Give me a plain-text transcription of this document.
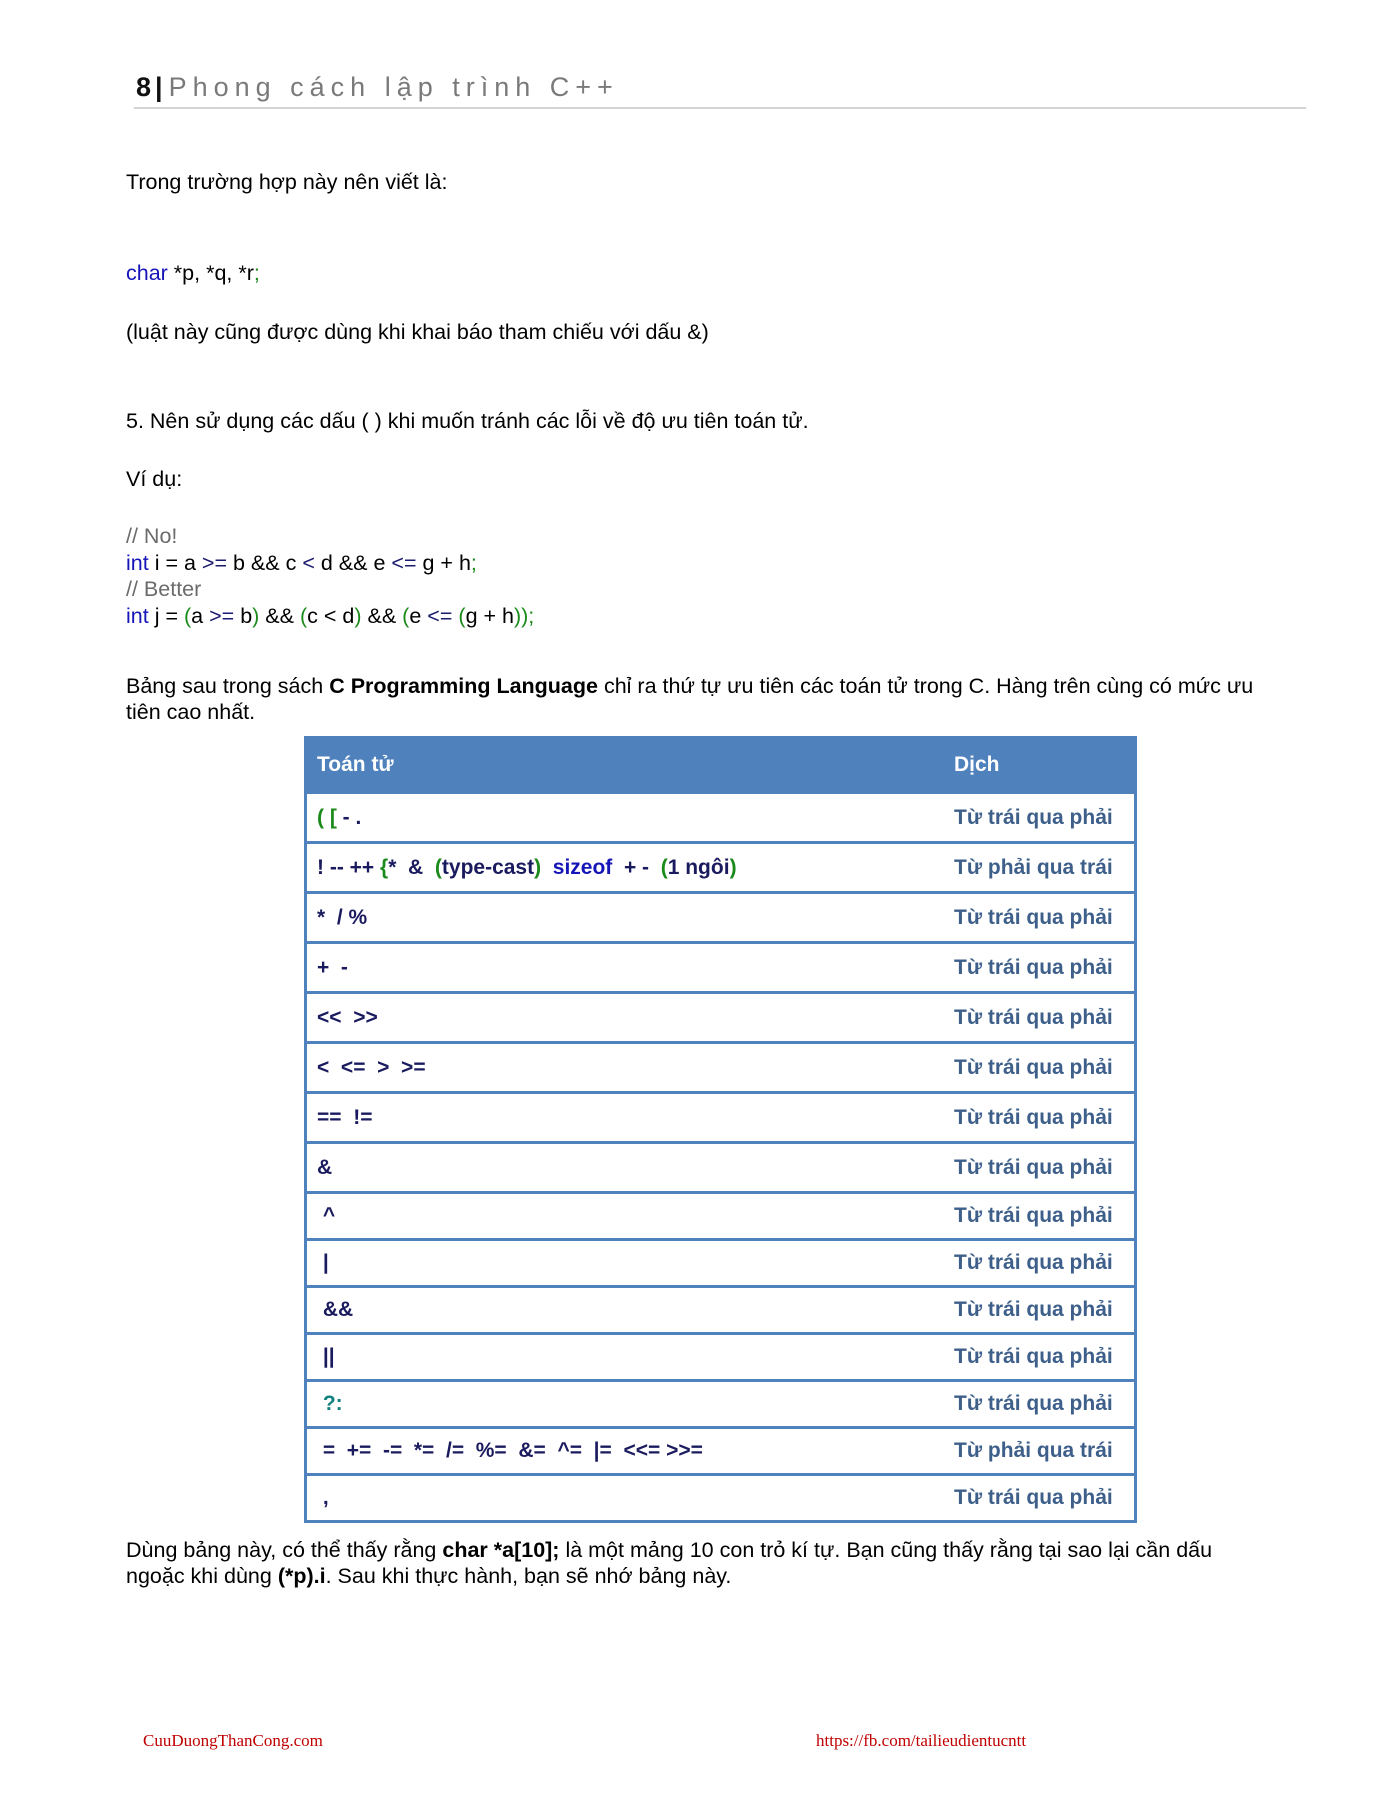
8 | Phong cách lập trình C++
Trong trường hợp này nên viết là:
char *p, *q, *r;
(luật này cũng được dùng khi khai báo tham chiếu với dấu &)
5. Nên sử dụng các dấu ( ) khi muốn tránh các lỗi về độ ưu tiên toán tử.
Ví dụ:
// No!
int i = a >= b && c < d && e <= g + h;
// Better
int j = (a >= b) && (c < d) && (e <= (g + h));
Bảng sau trong sách C Programming Language chỉ ra thứ tự ưu tiên các toán tử trong C. Hàng trên cùng có mức ưu
tiên cao nhất.
Toán tử	Dịch
( [ - .	Từ trái qua phải
! -- ++ {*  &  (type-cast)  sizeof  + -  (1 ngôi)	Từ phải qua trái
*  / %	Từ trái qua phải
+  -	Từ trái qua phải
<<  >>	Từ trái qua phải
<  <=  >  >=	Từ trái qua phải
==  !=	Từ trái qua phải
&	Từ trái qua phải
^	Từ trái qua phải
|	Từ trái qua phải
&&	Từ trái qua phải
||	Từ trái qua phải
?:	Từ trái qua phải
=  +=  -=  *=  /=  %=  &=  ^=  |=  <<= >>=	Từ phải qua trái
,	Từ trái qua phải
Dùng bảng này, có thể thấy rằng char *a[10]; là một mảng 10 con trỏ kí tự. Bạn cũng thấy rằng tại sao lại cần dấu
ngoặc khi dùng (*p).i. Sau khi thực hành, bạn sẽ nhớ bảng này.
CuuDuongThanCong.com	https://fb.com/tailieudientucntt
